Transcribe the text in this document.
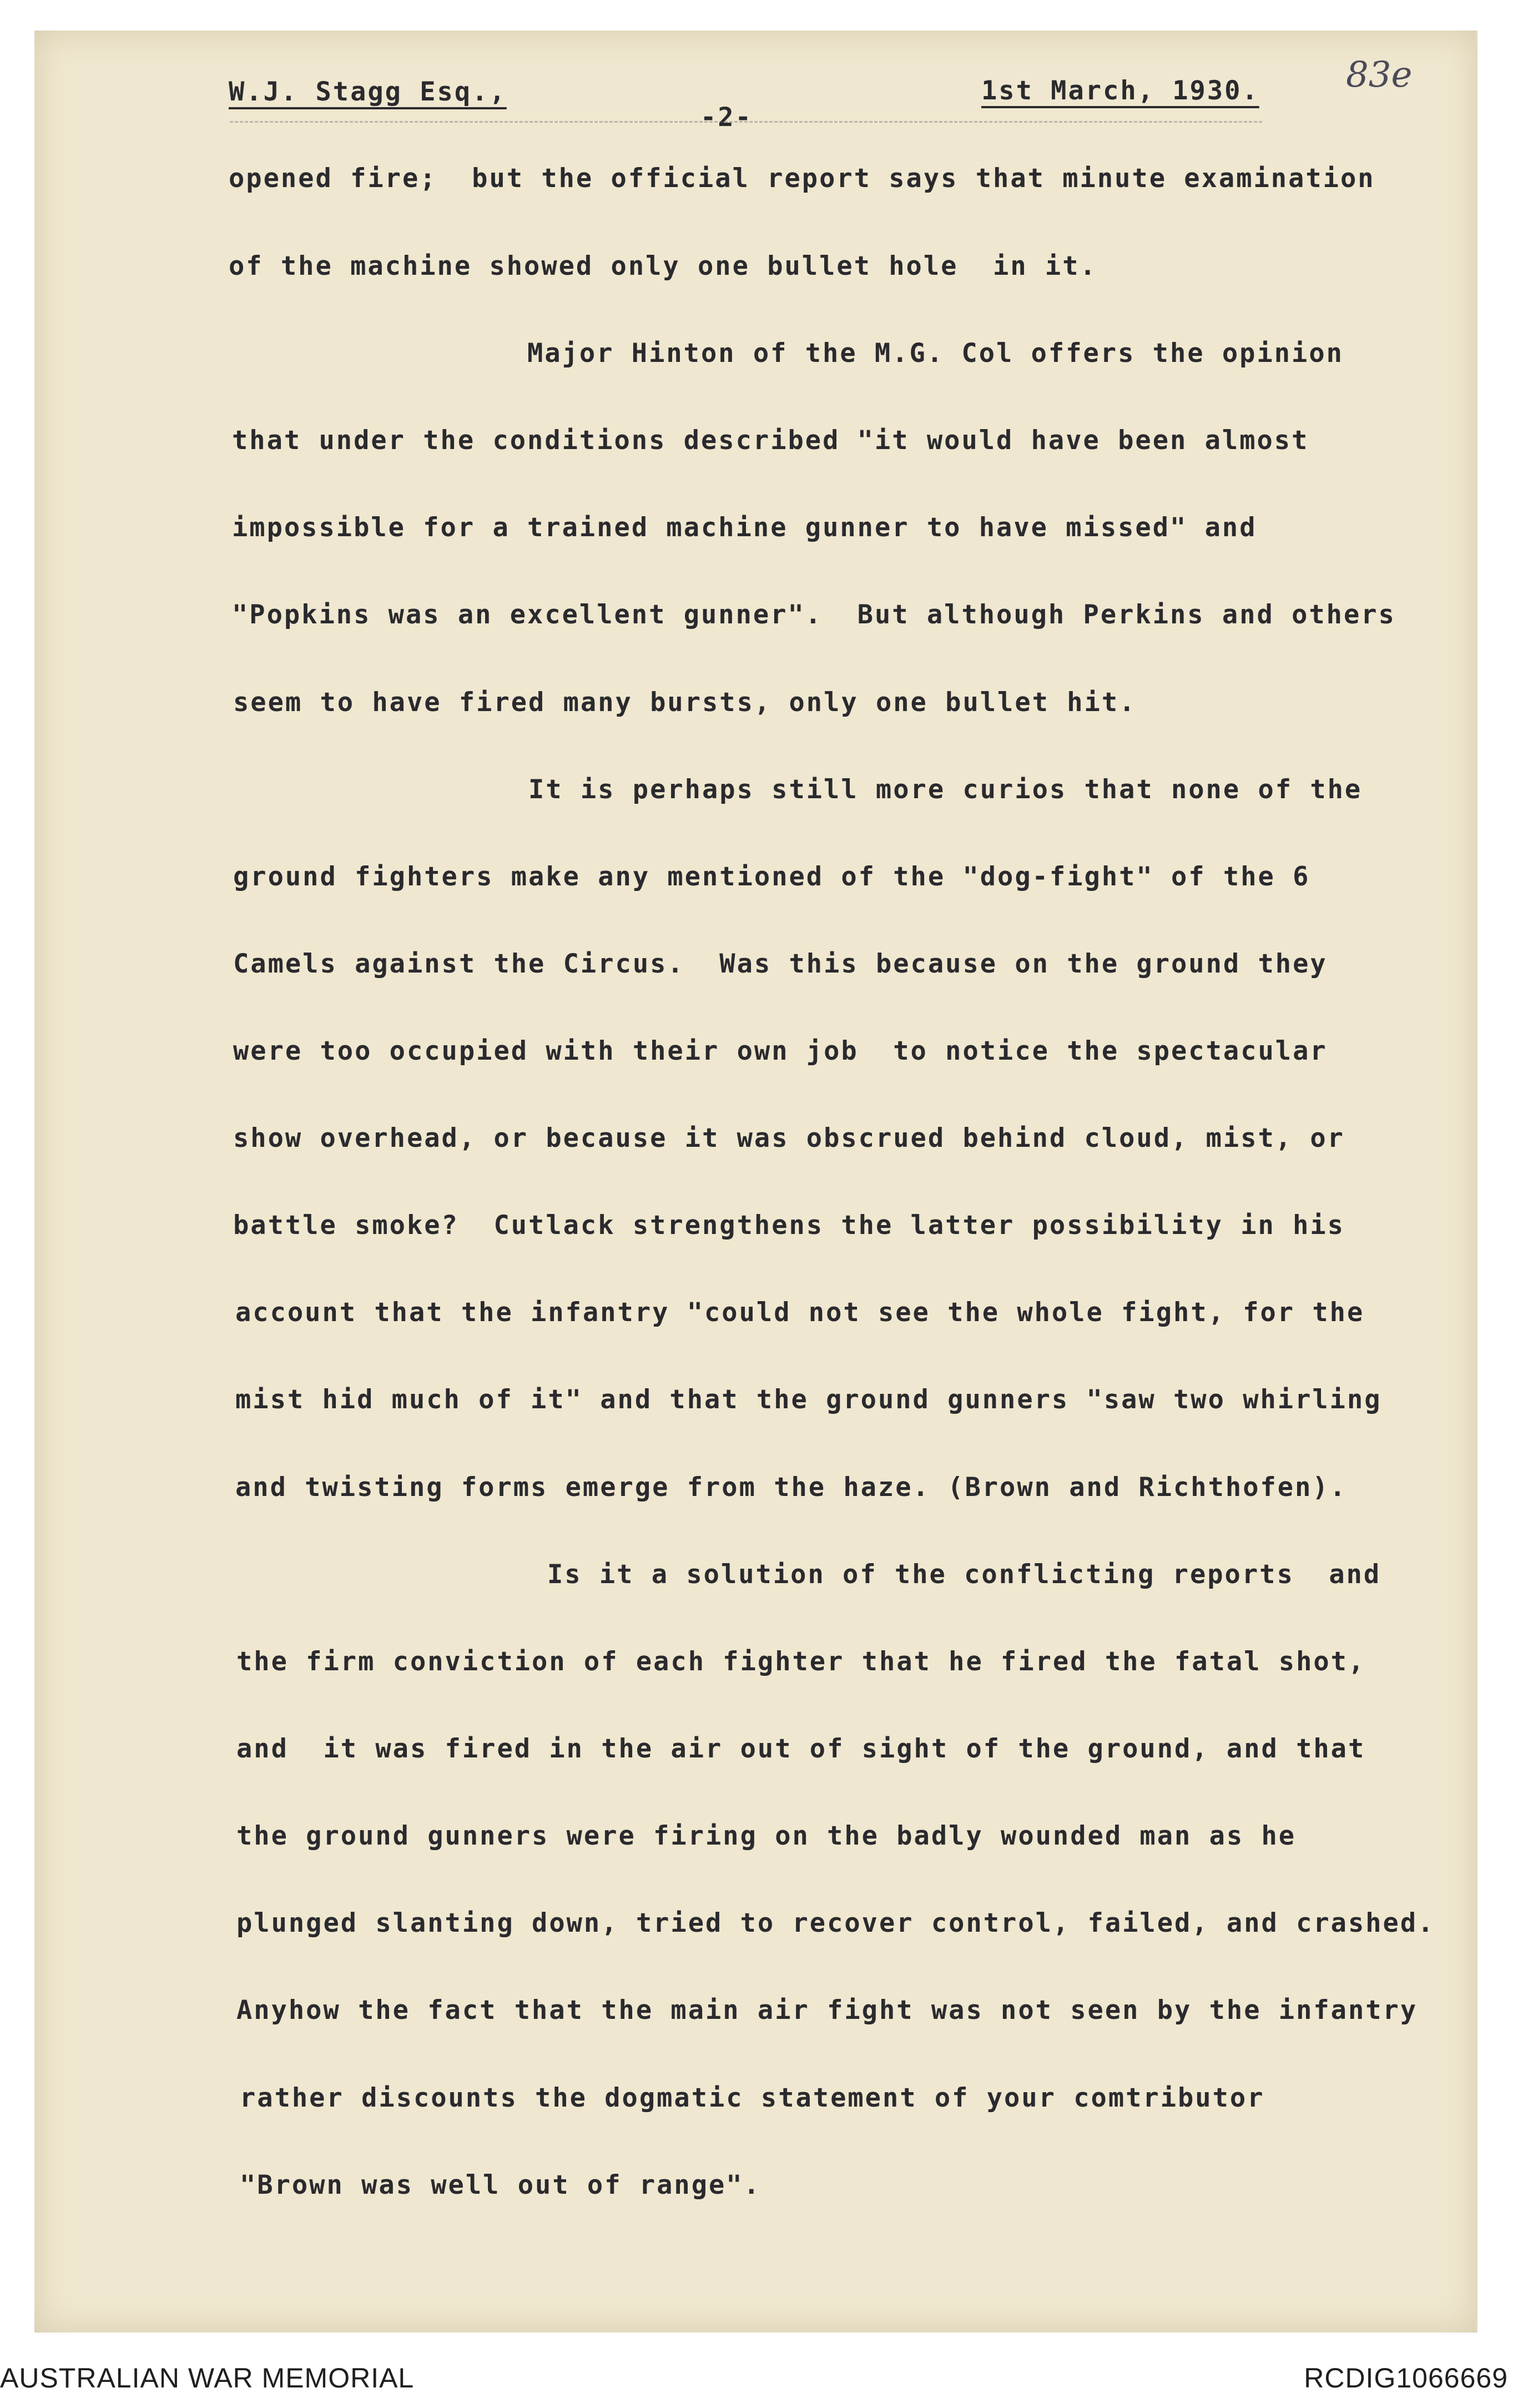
W.J. Stagg Esq.,
-2-
1st March, 1930. 83e
opened fire;  but the official report says that minute examination
of the machine showed only one bullet hole  in it.
Major Hinton of the M.G. Col offers the opinion
that under the conditions described "it would have been almost
impossible for a trained machine gunner to have missed" and
"Popkins was an excellent gunner".  But although Perkins and others
seem to have fired many bursts, only one bullet hit.
It is perhaps still more curios that none of the
ground fighters make any mentioned of the "dog-fight" of the 6
Camels against the Circus.  Was this because on the ground they
were too occupied with their own job  to notice the spectacular
show overhead, or because it was obscrued behind cloud, mist, or
battle smoke?  Cutlack strengthens the latter possibility in his
account that the infantry "could not see the whole fight, for the
mist hid much of it" and that the ground gunners "saw two whirling
and twisting forms emerge from the haze. (Brown and Richthofen).
Is it a solution of the conflicting reports  and
the firm conviction of each fighter that he fired the fatal shot,
and  it was fired in the air out of sight of the ground, and that
the ground gunners were firing on the badly wounded man as he
plunged slanting down, tried to recover control, failed, and crashed.
Anyhow the fact that the main air fight was not seen by the infantry
rather discounts the dogmatic statement of your comtributor
"Brown was well out of range".
AUSTRALIAN WAR MEMORIAL	RCDIG1066669
